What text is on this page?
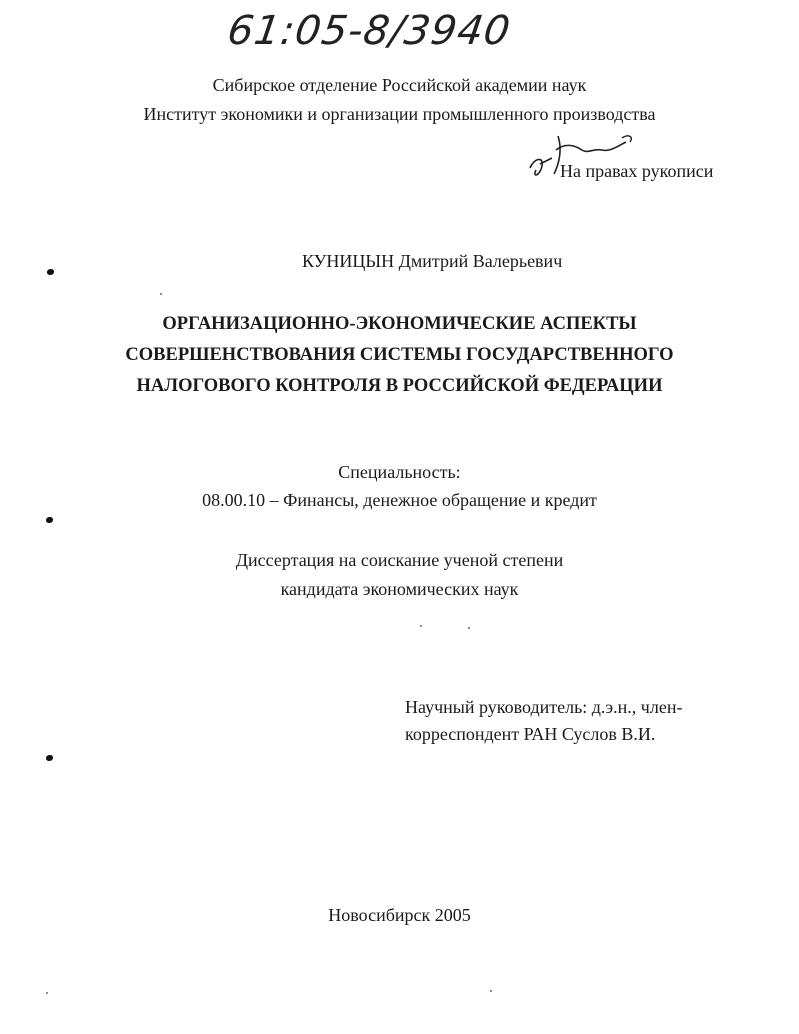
61:05-8/3940
Сибирское отделение Российской академии наук
Институт экономики и организации промышленного производства
На правах рукописи
КУНИЦЫН Дмитрий Валерьевич
ОРГАНИЗАЦИОННО-ЭКОНОМИЧЕСКИЕ АСПЕКТЫ
СОВЕРШЕНСТВОВАНИЯ СИСТЕМЫ ГОСУДАРСТВЕННОГО
НАЛОГОВОГО КОНТРОЛЯ В РОССИЙСКОЙ ФЕДЕРАЦИИ
Специальность:
08.00.10 – Финансы, денежное обращение и кредит
Диссертация на соискание ученой степени
кандидата экономических наук
Научный руководитель: д.э.н., член-
корреспондент РАН Суслов В.И.
Новосибирск 2005
